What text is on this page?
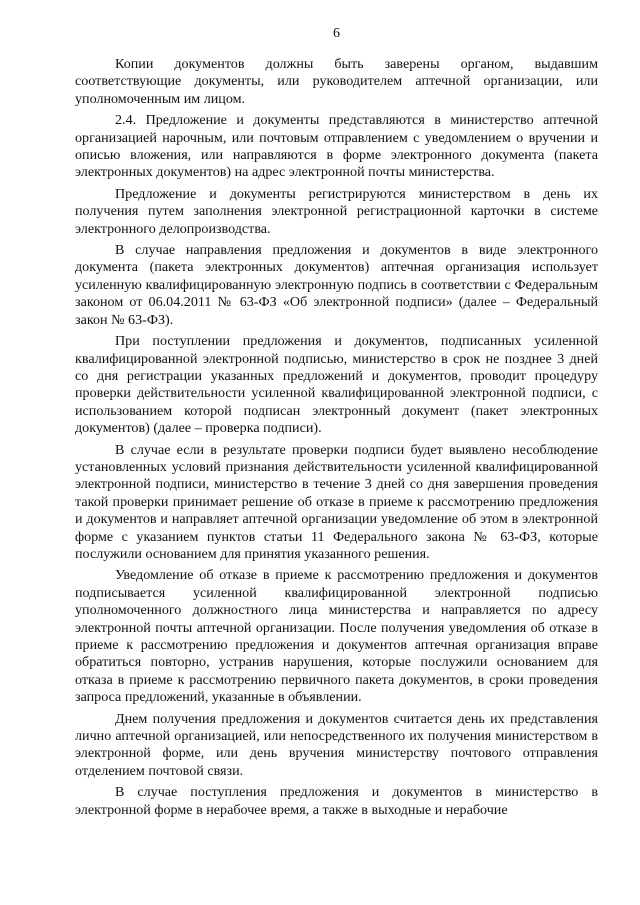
6

Копии документов должны быть заверены органом, выдавшим соответствующие документы, или руководителем аптечной организации, или уполномоченным им лицом.

2.4. Предложение и документы представляются в министерство аптечной организацией нарочным, или почтовым отправлением с уведомлением о вручении и описью вложения, или направляются в форме электронного документа (пакета электронных документов) на адрес электронной почты министерства.

Предложение и документы регистрируются министерством в день их получения путем заполнения электронной регистрационной карточки в системе электронного делопроизводства.

В случае направления предложения и документов в виде электронного документа (пакета электронных документов) аптечная организация использует усиленную квалифицированную электронную подпись в соответствии с Федеральным законом от 06.04.2011 № 63-ФЗ «Об электронной подписи» (далее – Федеральный закон № 63-ФЗ).

При поступлении предложения и документов, подписанных усиленной квалифицированной электронной подписью, министерство в срок не позднее 3 дней со дня регистрации указанных предложений и документов, проводит процедуру проверки действительности усиленной квалифицированной электронной подписи, с использованием которой подписан электронный документ (пакет электронных документов) (далее – проверка подписи).

В случае если в результате проверки подписи будет выявлено несоблюдение установленных условий признания действительности усиленной квалифицированной электронной подписи, министерство в течение 3 дней со дня завершения проведения такой проверки принимает решение об отказе в приеме к рассмотрению предложения и документов и направляет аптечной организации уведомление об этом в электронной форме с указанием пунктов статьи 11 Федерального закона № 63-ФЗ, которые послужили основанием для принятия указанного решения.

Уведомление об отказе в приеме к рассмотрению предложения и документов подписывается усиленной квалифицированной электронной подписью уполномоченного должностного лица министерства и направляется по адресу электронной почты аптечной организации. После получения уведомления об отказе в приеме к рассмотрению предложения и документов аптечная организация вправе обратиться повторно, устранив нарушения, которые послужили основанием для отказа в приеме к рассмотрению первичного пакета документов, в сроки проведения запроса предложений, указанные в объявлении.

Днем получения предложения и документов считается день их представления лично аптечной организацией, или непосредственного их получения министерством в электронной форме, или день вручения министерству почтового отправления отделением почтовой связи.

В случае поступления предложения и документов в министерство в электронной форме в нерабочее время, а также в выходные и нерабочие
